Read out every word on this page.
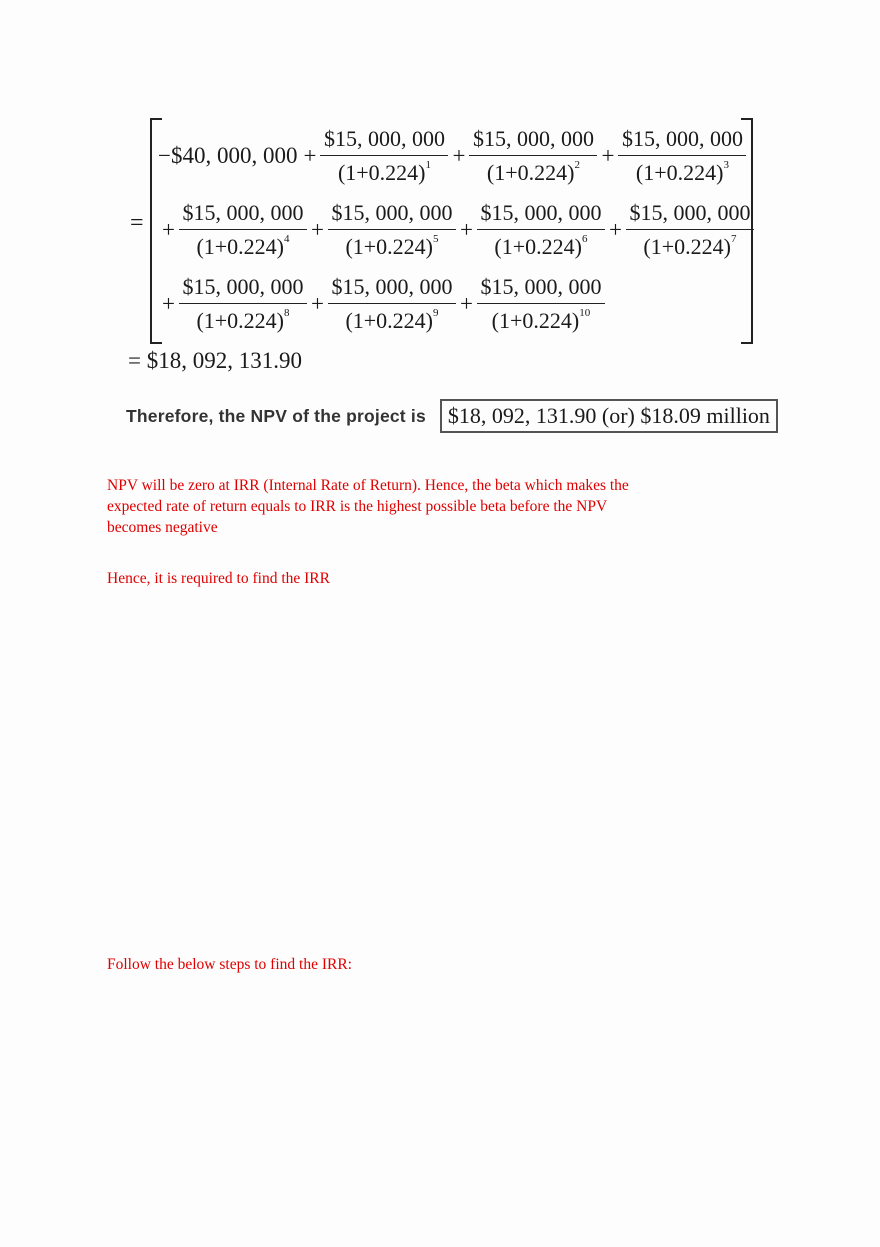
=
−$40, 000, $000 + \frac{\$15, 000, 000}{(1+0.224)^1} + \frac{\$15, 000, 000}{(1+0.224)^2} + \frac{\$15, 000, 000}{(1+0.224)^3}$
+ $\frac{\$15, 000, 000}{(1+0.224)^4} + \frac{\$15, 000, 000}{(1+0.224)^5} + \frac{\$15, 000, 000}{(1+0.224)^6} + \frac{\$15, 000, 000}{(1+0.224)^7}$
+ $\frac{\$15, 000, 000}{(1+0.224)^8} + \frac{\$15, 000, 000}{(1+0.224)^9} + \frac{\$15, 000, 000}{(1+0.224)^{10}}$
= $18, 092, 131.90
Therefore, the NPV of the project is	$18, 092, 131.90 (or) $18.09 million

NPV will be zero at IRR (Internal Rate of Return). Hence, the beta which makes the expected rate of return equals to IRR is the highest possible beta before the NPV becomes negative

Hence, it is required to find the IRR

Follow the below steps to find the IRR:
